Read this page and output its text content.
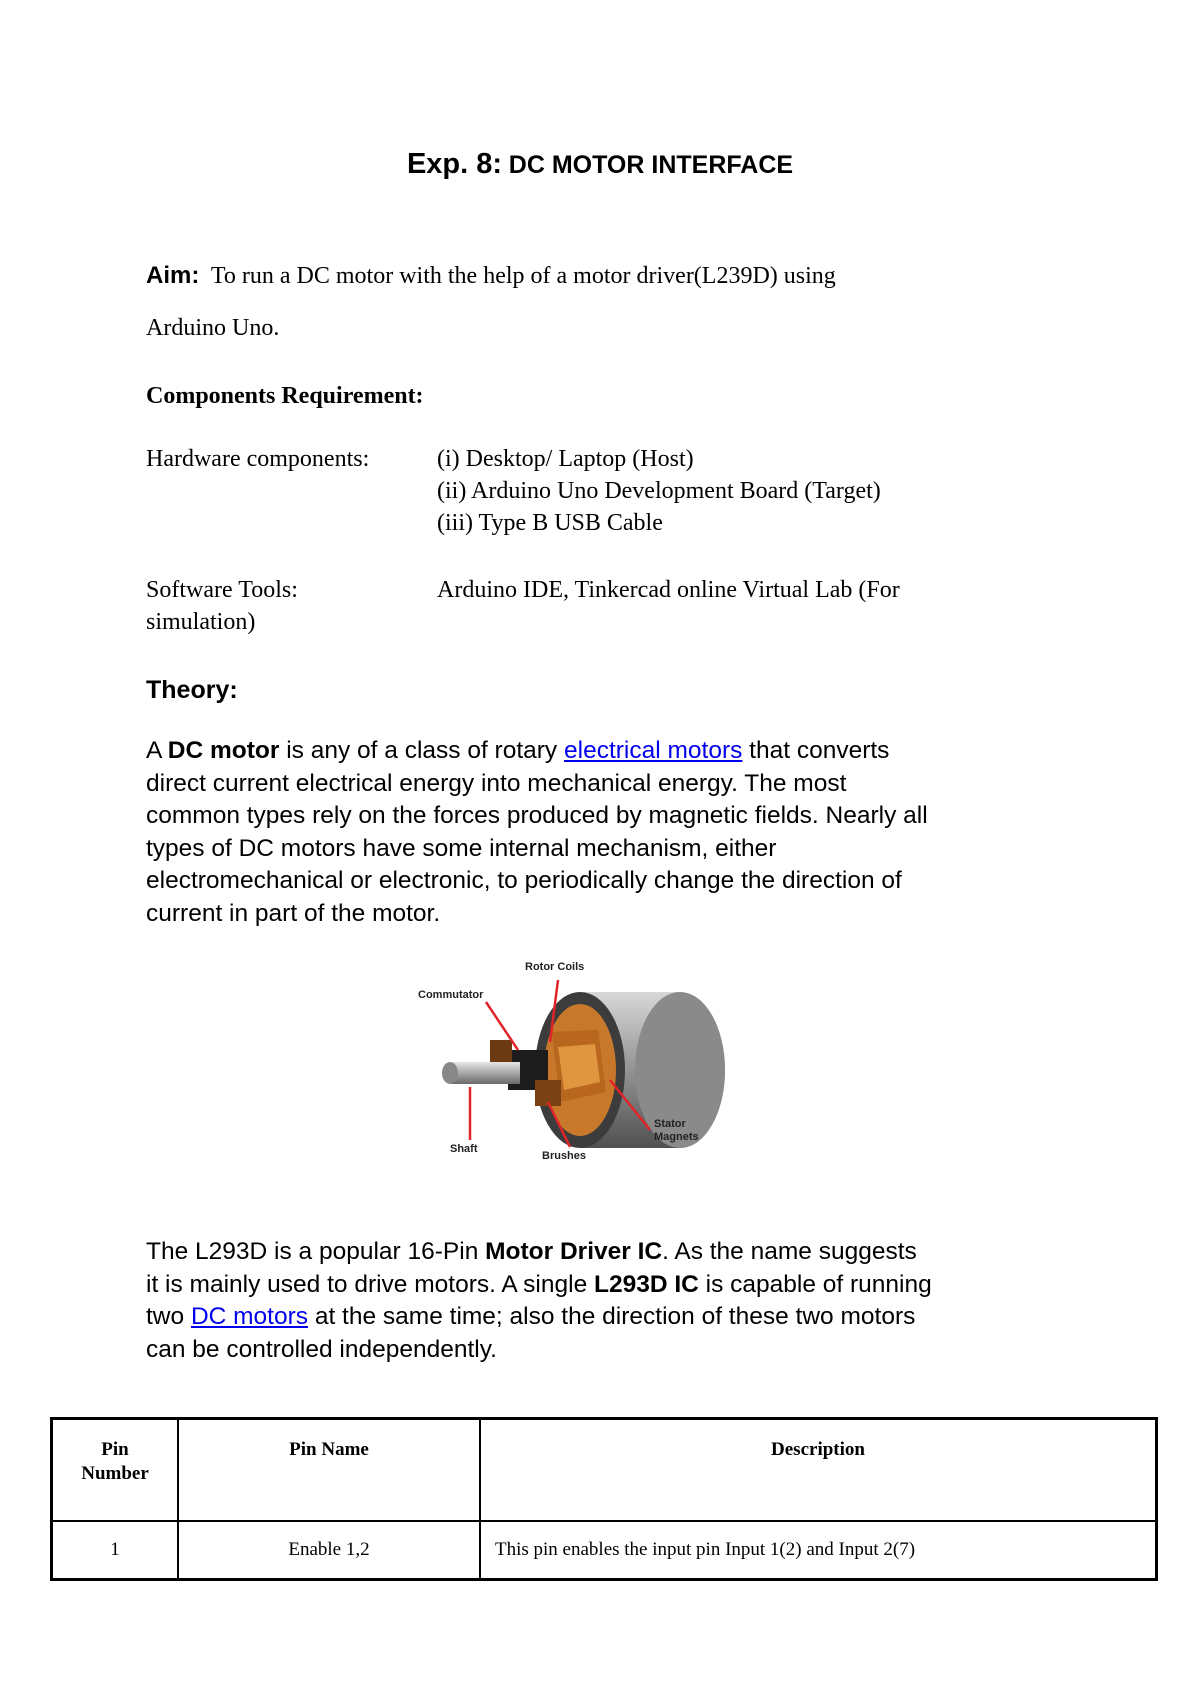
Exp. 8: DC MOTOR INTERFACE
Aim: To run a DC motor with the help of a motor driver(L239D) using
Arduino Uno.
Components Requirement:
Hardware components:	(i) Desktop/ Laptop (Host)
(ii) Arduino Uno Development Board (Target)
(iii) Type B USB Cable
Software Tools:	Arduino IDE, Tinkercad online Virtual Lab (For
simulation)
Theory:
A DC motor is any of a class of rotary electrical motors that converts
direct current electrical energy into mechanical energy. The most
common types rely on the forces produced by magnetic fields. Nearly all
types of DC motors have some internal mechanism, either
electromechanical or electronic, to periodically change the direction of
current in part of the motor.
Rotor Coils
Commutator
Shaft
Brushes
Stator
Magnets
The L293D is a popular 16-Pin Motor Driver IC. As the name suggests
it is mainly used to drive motors. A single L293D IC is capable of running
two DC motors at the same time; also the direction of these two motors
can be controlled independently.
Pin
Number	Pin Name	Description
1	Enable 1,2	This pin enables the input pin Input 1(2) and Input 2(7)
